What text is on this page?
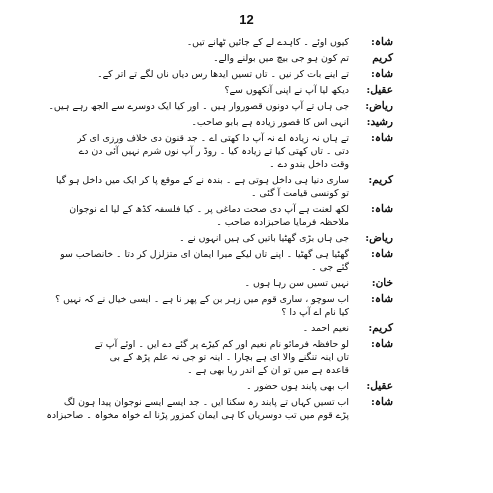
12
شاہ:
کیوں اوئے ۔ کاہدے لے کے جائیں ٹھانے تیں۔
کریم
تم کون ہو جی بیچ میں بولنے والے۔
شاہ:
تے اینے بات کر نیں ۔ تاں تسیں ایدھا رس دیاں ناں لگے تے اتر کے۔
عقیل:
دیکھ لیا آپ نے اپنی آنکھوں سے؟
ریاض:
جی ہاں تے آپ دونوں قصوروار ہیں ۔ اور کیا ایک دوسرے سے الجھ رہے ہیں۔
رشید:
انہی اس کا قصور زیادہ ہے بابو صاحب۔
شاہ:
تے ہاں نہ زیادہ اے نہ آپ دا کھتی اے ۔ جد قنون دی خلاف ورزی ای کر
دتی ۔ تاں کھتی کیا تے زیادہ کیا ۔ روڈ ر آپ نوں شرم نہیں آئی دن دے
وقت داخل بندو دے ۔
کریم:
ساری دنیا ہی داخل ہوتی ہے ۔ بندہ نے کے موقع پا کر ایک میں داخل ہو گیا
تو کونسی قیامت آ گئی ۔
شاہ:
لکھ لعنت ہے آپ دی صحت دماغی پر ۔ کیا فلسفہ کڈھ کے لیا اے نوجوان
ملاحظہ فرمایا صاحبزادہ صاحب ۔
ریاض:
جی ہاں بڑی گھٹیا باتیں کی ہیں انہوں نے ۔
شاہ:
گھٹیا ہی گھٹیا ۔ اپنے تاں لیکے میرا ایمان ای متزلزل کر دتا ۔ خانصاحب سو
گئے جی ۔
خان:
نہیں تسیں سن رہا ہوں ۔
شاہ:
اب سوچو ، ساری قوم میں زہر بن کے پھر نا ہے ۔ ایسی خیال نے کہ نہیں ؟
کیا نام اے آپ دا ؟
کریم:
نعیم احمد ۔
شاہ:
لو حافظہ فرمائو نام نعیم اور کم کیڑے پر گئے دے ایں ۔ اوئے آپ تے
تاں اینہ تنگنے والا ای ہے بچارا ۔ اینہ تو جی نہ علم پڑھ کے بی
قاعدہ ہے میں تو ان کے اندر ریا بھی ہے ۔
عقیل:
اب بھی پابند ہوں حضور ۔
شاہ:
اب تسیں کہاں تے پابند رہ سکنا ایں ۔ جد ایسے ایسے نوجوان پیدا ہون لگ
پڑے قوم میں تب دوسریاں کا ہی ایمان کمزور پڑنا اے خواہ مخواہ ۔ صاحبزادہ
